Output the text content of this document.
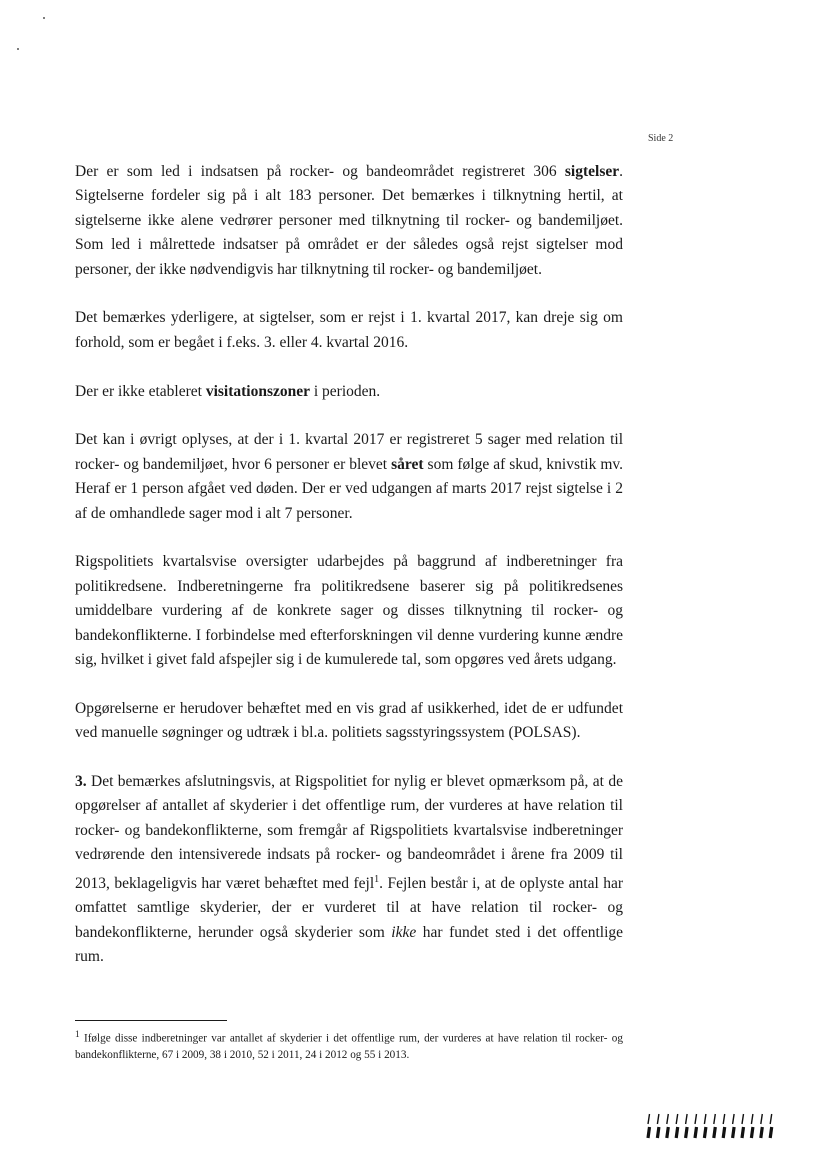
Side 2

Der er som led i indsatsen på rocker- og bandeområdet registreret 306 sigtelser. Sigtelserne fordeler sig på i alt 183 personer. Det bemærkes i tilknytning hertil, at sigtelserne ikke alene vedrører personer med tilknytning til rocker- og bandemiljøet. Som led i målrettede indsatser på området er der således også rejst sigtelser mod personer, der ikke nødvendigvis har tilknytning til rocker- og bandemiljøet.

Det bemærkes yderligere, at sigtelser, som er rejst i 1. kvartal 2017, kan dreje sig om forhold, som er begået i f.eks. 3. eller 4. kvartal 2016.

Der er ikke etableret visitationszoner i perioden.

Det kan i øvrigt oplyses, at der i 1. kvartal 2017 er registreret 5 sager med relation til rocker- og bandemiljøet, hvor 6 personer er blevet såret som følge af skud, knivstik mv. Heraf er 1 person afgået ved døden. Der er ved udgangen af marts 2017 rejst sigtelse i 2 af de omhandlede sager mod i alt 7 personer.

Rigspolitiets kvartalsvise oversigter udarbejdes på baggrund af indberetninger fra politikredsene. Indberetningerne fra politikredsene baserer sig på politikredsenes umiddelbare vurdering af de konkrete sager og disses tilknytning til rocker- og bandekonflikterne. I forbindelse med efterforskningen vil denne vurdering kunne ændre sig, hvilket i givet fald afspejler sig i de kumulerede tal, som opgøres ved årets udgang.

Opgørelserne er herudover behæftet med en vis grad af usikkerhed, idet de er udfundet ved manuelle søgninger og udtræk i bl.a. politiets sagsstyringssystem (POLSAS).

3. Det bemærkes afslutningsvis, at Rigspolitiet for nylig er blevet opmærksom på, at de opgørelser af antallet af skyderier i det offentlige rum, der vurderes at have relation til rocker- og bandekonflikterne, som fremgår af Rigspolitiets kvartalsvise indberetninger vedrørende den intensiverede indsats på rocker- og bandeområdet i årene fra 2009 til 2013, beklageligvis har været behæftet med fejl$^1$. Fejlen består i, at de oplyste antal har omfattet samtlige skyderier, der er vurderet til at have relation til rocker- og bandekonflikterne, herunder også skyderier som ikke har fundet sted i det offentlige rum.

$^1$ Ifølge disse indberetninger var antallet af skyderier i det offentlige rum, der vurderes at have relation til rocker- og bandekonflikterne, 67 i 2009, 38 i 2010, 52 i 2011, 24 i 2012 og 55 i 2013.
